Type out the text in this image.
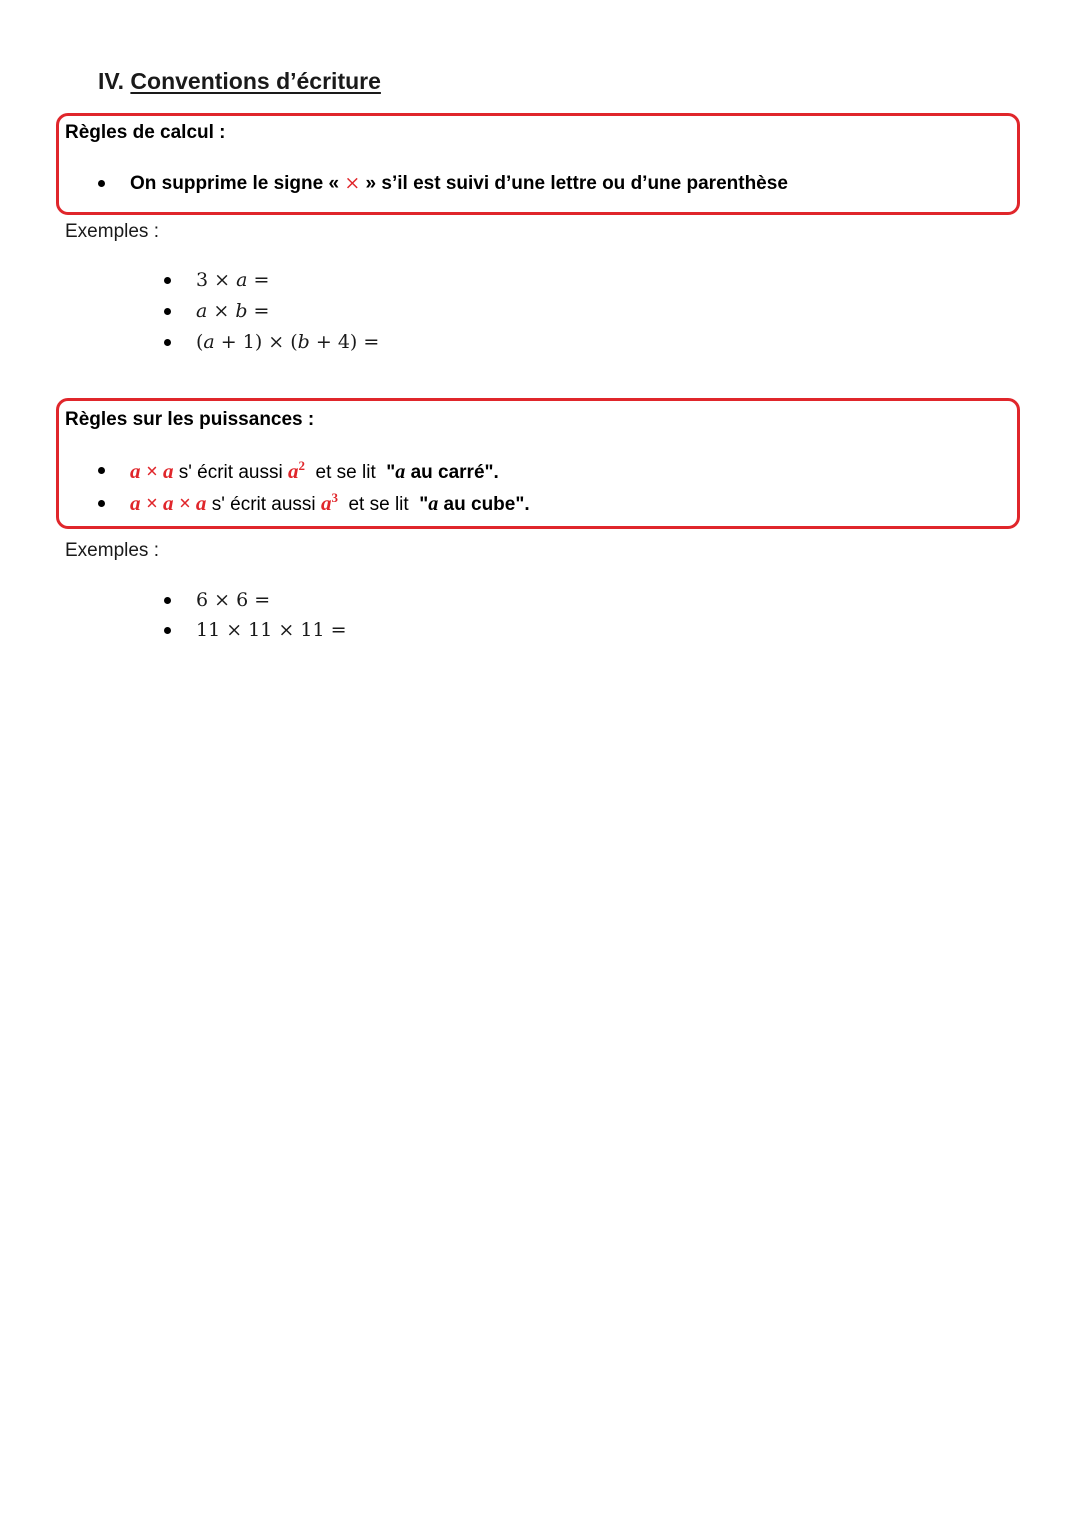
IV. Conventions d’écriture
Règles de calcul :
On supprime le signe « × » s’il est suivi d’une lettre ou d’une parenthèse
Exemples :
3 × a =
a × b =
(a + 1) × (b + 4) =
Règles sur les puissances :
a × a s' écrit aussi $a^2$  et se lit  "a au carré".
a × a × a s' écrit aussi $a^3$  et se lit  "a au cube".
Exemples :
6 × 6 =
11 × 11 × 11 =
